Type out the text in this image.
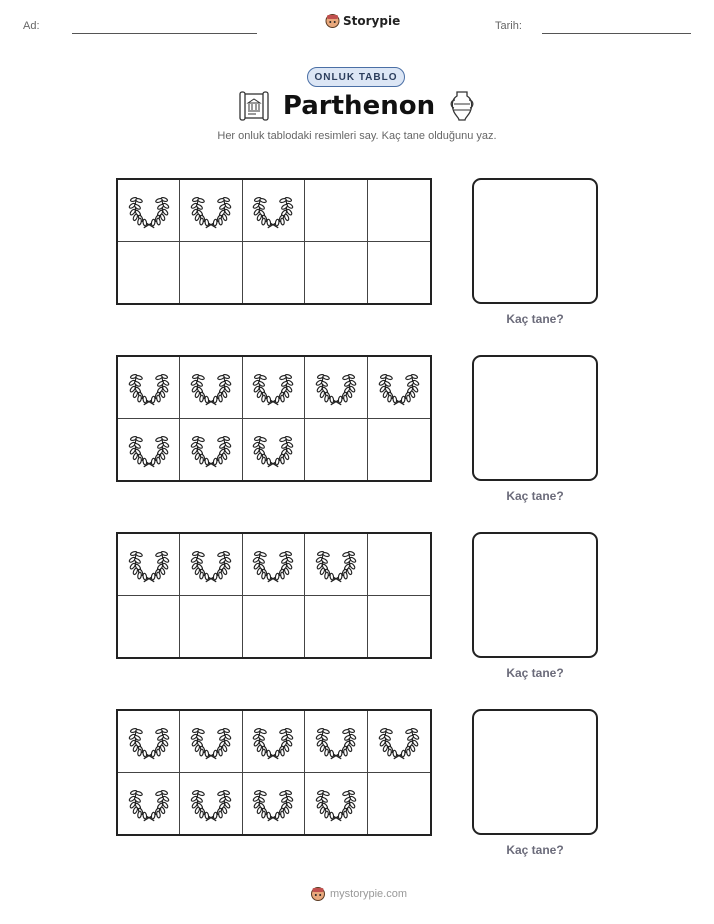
Ad:	Storypie	Tarih:
ONLUK TABLO
Parthenon
Her onluk tablodaki resimleri say. Kaç tane olduğunu yaz.
Kaç tane?
Kaç tane?
Kaç tane?
Kaç tane?
mystorypie.com
